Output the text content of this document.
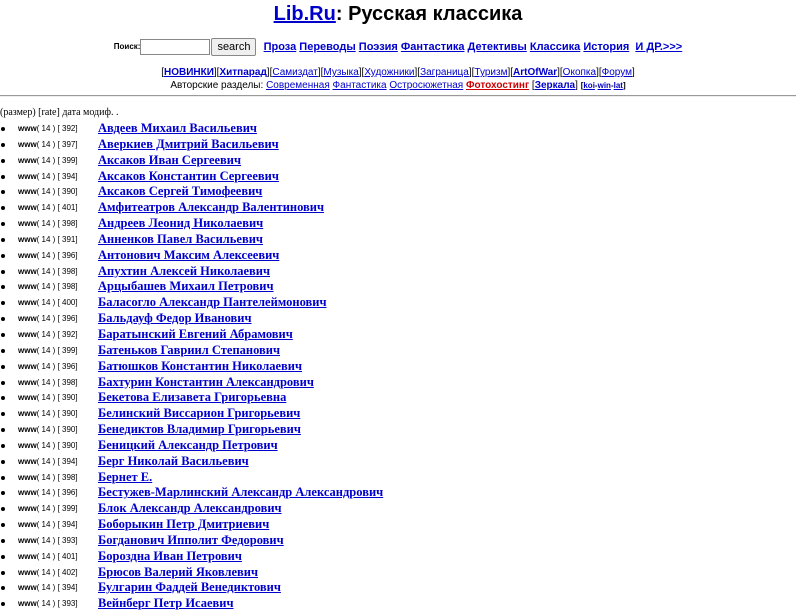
Lib.Ru: Русская классика
Поиск:	search Проза Переводы Поэзия Фантастика Детективы Классика История И ДР.>>>
[НОВИНКИ][Хитпарад][Самиздат][Музыка][Художники][Заграница][Туризм][ArtOfWar][Окопка][Форум]
Авторские разделы: Современная Фантастика Остросюжетная Фотохостинг [Зеркала] [koi-win-lat]
(размер) [rate] дата модиф. .
www( 14 ) [ 392] Авдеев Михаил Васильевич
www( 14 ) [ 397] Аверкиев Дмитрий Васильевич
www( 14 ) [ 399] Аксаков Иван Сергеевич
www( 14 ) [ 394] Аксаков Константин Сергеевич
www( 14 ) [ 390] Аксаков Сергей Тимофеевич
www( 14 ) [ 401] Амфитеатров Александр Валентинович
www( 14 ) [ 398] Андреев Леонид Николаевич
www( 14 ) [ 391] Анненков Павел Васильевич
www( 14 ) [ 396] Антонович Максим Алексеевич
www( 14 ) [ 398] Апухтин Алексей Николаевич
www( 14 ) [ 398] Арцыбашев Михаил Петрович
www( 14 ) [ 400] Баласогло Александр Пантелеймонович
www( 14 ) [ 396] Бальдауф Федор Иванович
www( 14 ) [ 392] Баратынский Евгений Абрамович
www( 14 ) [ 399] Батеньков Гавриил Степанович
www( 14 ) [ 396] Батюшков Константин Николаевич
www( 14 ) [ 398] Бахтурин Константин Александрович
www( 14 ) [ 390] Бекетова Елизавета Григорьевна
www( 14 ) [ 390] Белинский Виссарион Григорьевич
www( 14 ) [ 390] Бенедиктов Владимир Григорьевич
www( 14 ) [ 390] Беницкий Александр Петрович
www( 14 ) [ 394] Берг Николай Васильевич
www( 14 ) [ 398] Бернет Е.
www( 14 ) [ 396] Бестужев-Марлинский Александр Александрович
www( 14 ) [ 399] Блок Александр Александрович
www( 14 ) [ 394] Боборыкин Петр Дмитриевич
www( 14 ) [ 393] Богданович Ипполит Федорович
www( 14 ) [ 401] Бороздна Иван Петрович
www( 14 ) [ 402] Брюсов Валерий Яковлевич
www( 14 ) [ 394] Булгарин Фаддей Венедиктович
www( 14 ) [ 393] Вейнберг Петр Исаевич
